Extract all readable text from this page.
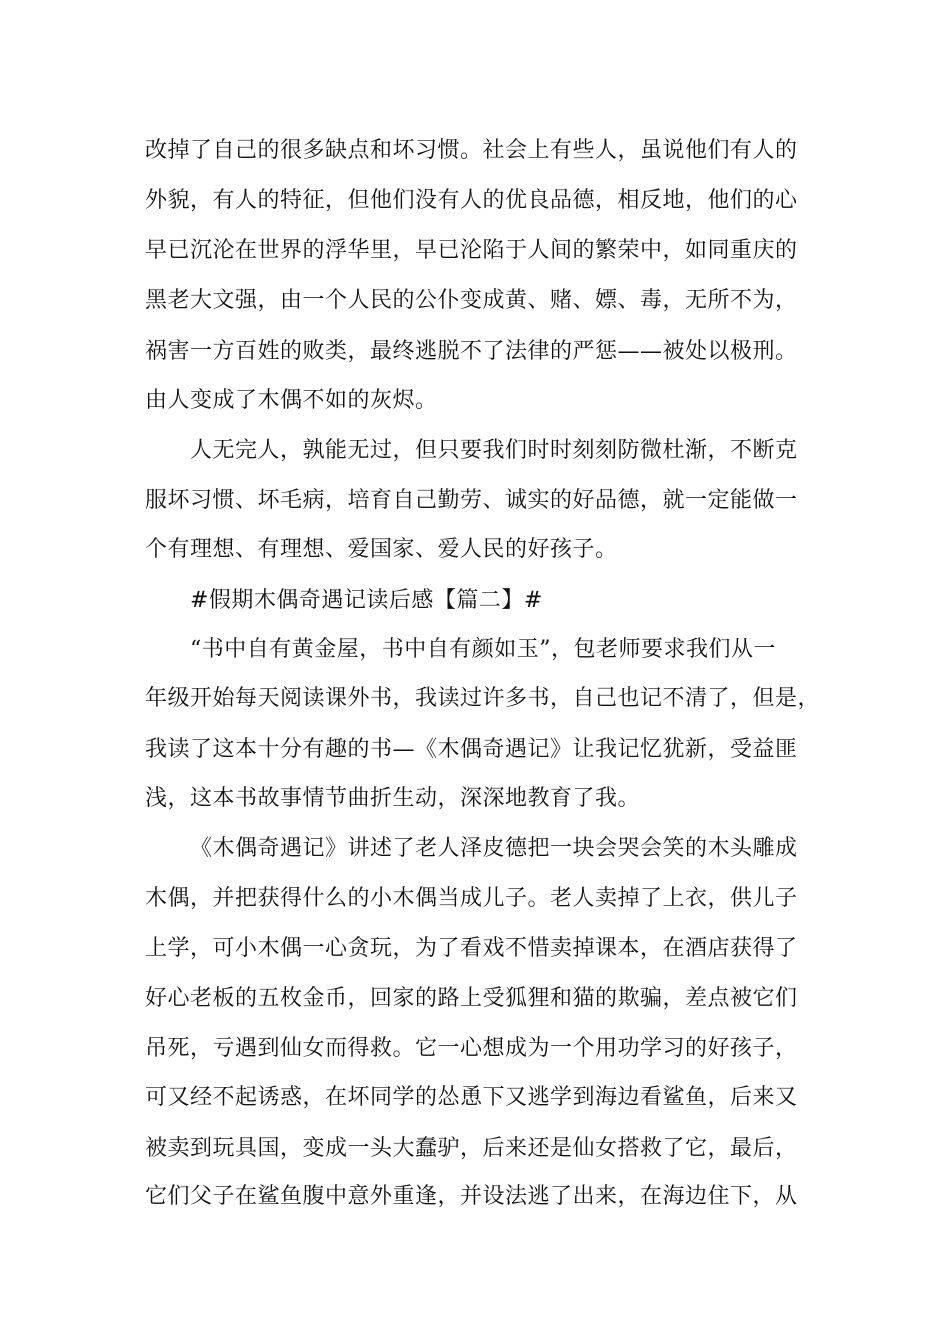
改掉了自己的很多缺点和坏习惯。社会上有些人，虽说他们有人的
外貌，有人的特征，但他们没有人的优良品德，相反地，他们的心
早已沉沦在世界的浮华里，早已沦陷于人间的繁荣中，如同重庆的
黑老大文强，由一个人民的公仆变成黄、赌、嫖、毒，无所不为，
祸害一方百姓的败类，最终逃脱不了法律的严惩——被处以极刑。
由人变成了木偶不如的灰烬。
人无完人，孰能无过，但只要我们时时刻刻防微杜渐，不断克
服坏习惯、坏毛病，培育自己勤劳、诚实的好品德，就一定能做一
个有理想、有理想、爱国家、爱人民的好孩子。
#假期木偶奇遇记读后感【篇二】#
“书中自有黄金屋，书中自有颜如玉”，包老师要求我们从一
年级开始每天阅读课外书，我读过许多书，自己也记不清了，但是，
我读了这本十分有趣的书—《木偶奇遇记》让我记忆犹新，受益匪
浅，这本书故事情节曲折生动，深深地教育了我。
《木偶奇遇记》讲述了老人泽皮德把一块会哭会笑的木头雕成
木偶，并把获得什么的小木偶当成儿子。老人卖掉了上衣，供儿子
上学，可小木偶一心贪玩，为了看戏不惜卖掉课本，在酒店获得了
好心老板的五枚金币，回家的路上受狐狸和猫的欺骗，差点被它们
吊死，亏遇到仙女而得救。它一心想成为一个用功学习的好孩子，
可又经不起诱惑，在坏同学的怂恿下又逃学到海边看鲨鱼，后来又
被卖到玩具国，变成一头大蠢驴，后来还是仙女搭救了它，最后，
它们父子在鲨鱼腹中意外重逢，并设法逃了出来，在海边住下，从
